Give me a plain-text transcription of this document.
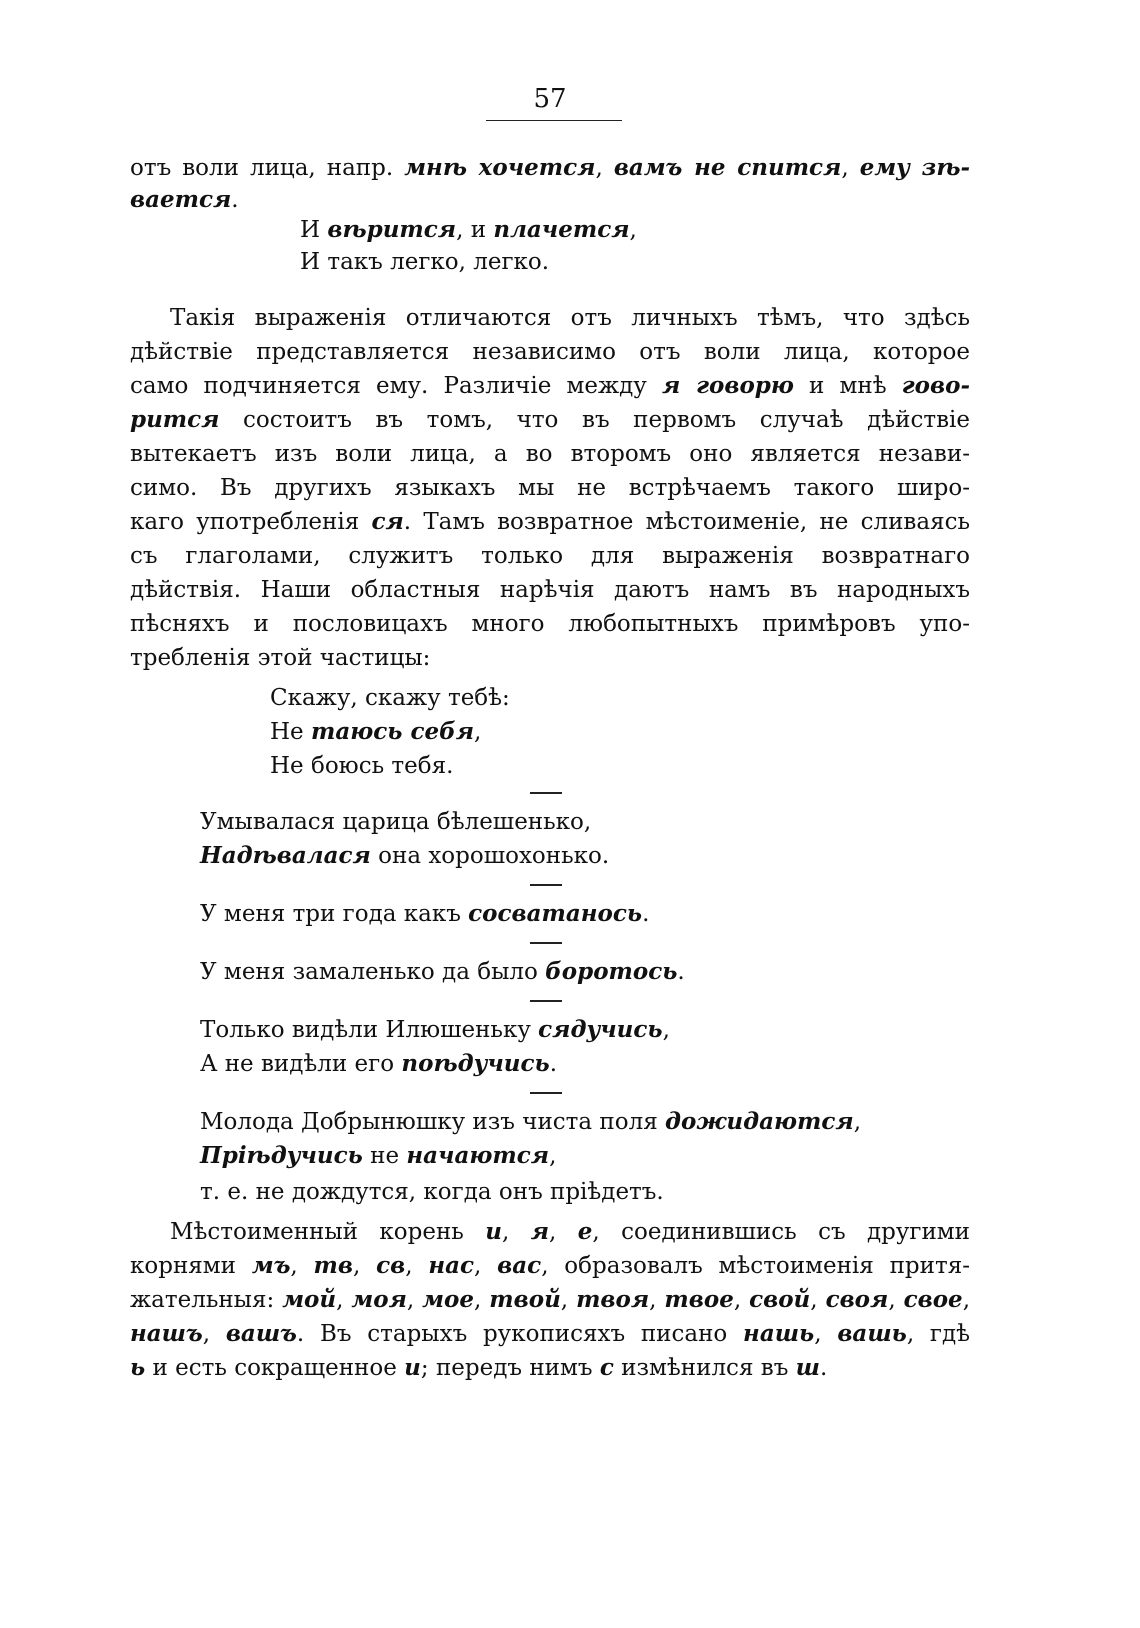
57
отъ воли лица, напр. мнѣ хочется, вамъ не спится, ему зѣ-
вается.
И вѣрится, и плачется,
И такъ легко, легко.
Такія выраженія отличаются отъ личныхъ тѣмъ, что здѣсь
дѣйствіе представляется независимо отъ воли лица, которое
само подчиняется ему. Различіе между я говорю и мнѣ гово-
рится состоитъ въ томъ, что въ первомъ случаѣ дѣйствіе
вытекаетъ изъ воли лица, а во второмъ оно является незави-
симо. Въ другихъ языкахъ мы не встрѣчаемъ такого широ-
каго употребленія ся. Тамъ возвратное мѣстоименіе, не сливаясь
съ глаголами, служитъ только для выраженія возвратнаго
дѣйствія. Наши областныя нарѣчія даютъ намъ въ народныхъ
пѣсняхъ и пословицахъ много любопытныхъ примѣровъ упо-
требленія этой частицы:
Скажу, скажу тебѣ:
Не таюсь себя,
Не боюсь тебя.
Умывалася царица бѣлешенько,
Надѣвалася она хорошохонько.
У меня три года какъ сосватанось.
У меня замаленько да было боротось.
Только видѣли Илюшеньку сядучись,
А не видѣли его поѣдучись.
Молода Добрынюшку изъ чиста поля дожидаются,
Пріѣдучись не начаются,
т. е. не дождутся, когда онъ пріѣдетъ.
Мѣстоименный корень и, я, е, соединившись съ другими
корнями мъ, тв, св, нас, вас, образовалъ мѣстоименія притя-
жательныя: мой, моя, мое, твой, твоя, твое, свой, своя, свое,
нашъ, вашъ. Въ старыхъ рукописяхъ писано нашь, вашь, гдѣ
ь и есть сокращенное и; передъ нимъ с измѣнился въ ш.
